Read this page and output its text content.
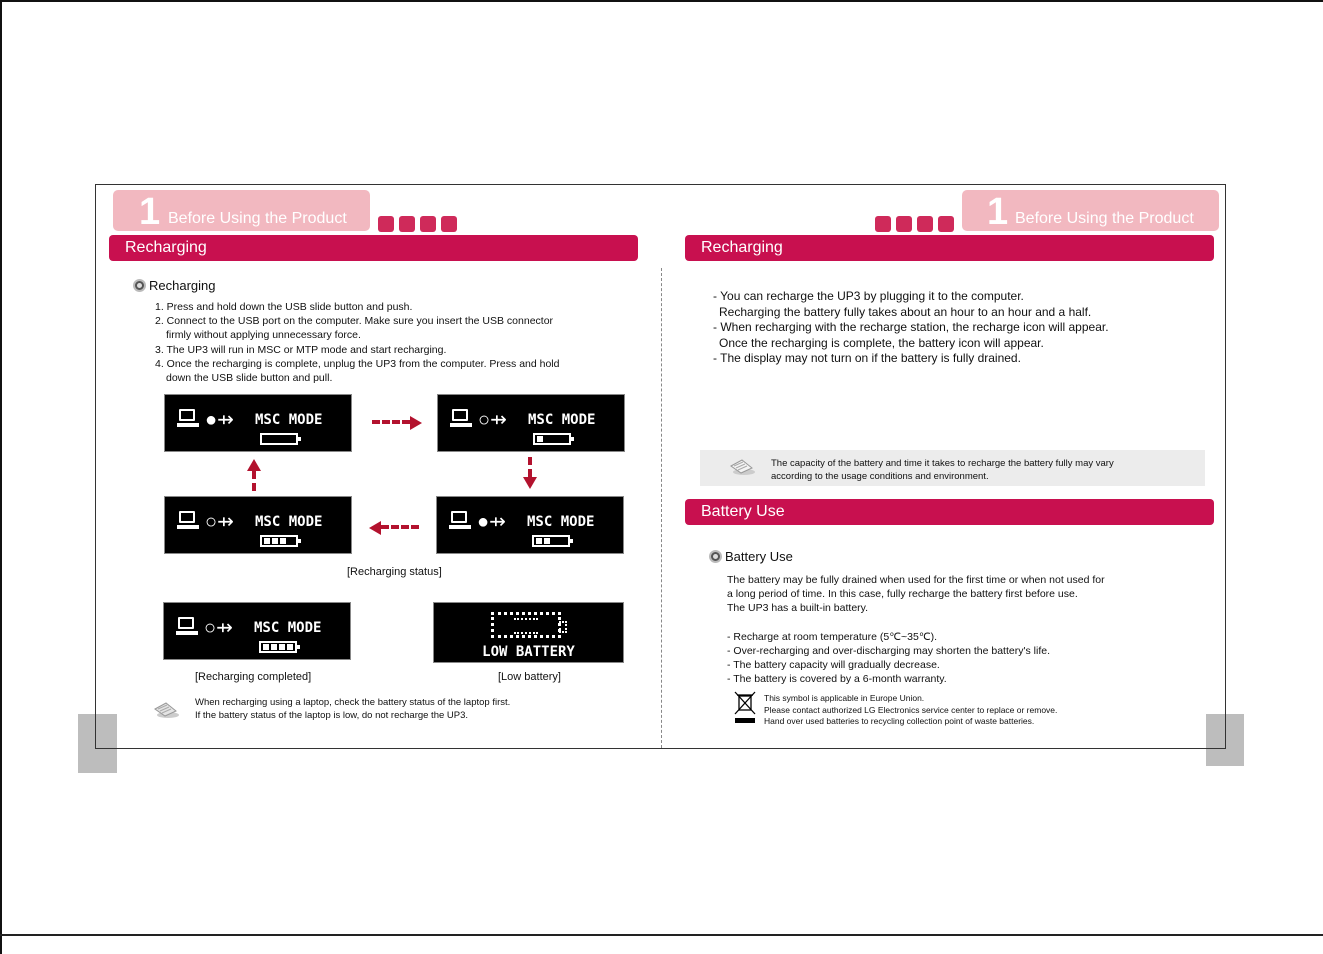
1 Before Using the Product
Recharging
Recharging
1. Press and hold down the USB slide button and push.
2. Connect to the USB port on the computer. Make sure you insert the USB connector
firmly without applying unnecessary force.
3. The UP3 will run in MSC or MTP mode and start recharging.
4. Once the recharging is complete, unplug the UP3 from the computer. Press and hold
down the USB slide button and pull.
●⇸ MSC MODE	○⇸ MSC MODE
●⇸ MSC MODE
○⇸ MSC MODE
[Recharging status]
○⇸ MSC MODE
LOW BATTERY
[Recharging completed]	[Low battery]
When recharging using a laptop, check the battery status of the laptop first.
If the battery status of the laptop is low, do not recharge the UP3.
1 Before Using the Product
Recharging
- You can recharge the UP3 by plugging it to the computer.
Recharging the battery fully takes about an hour to an hour and a half.
- When recharging with the recharge station, the recharge icon will appear.
Once the recharging is complete, the battery icon will appear.
- The display may not turn on if the battery is fully drained.
The capacity of the battery and time it takes to recharge the battery fully may vary
according to the usage conditions and environment.
Battery Use
Battery Use
The battery may be fully drained when used for the first time or when not used for
a long period of time. In this case, fully recharge the battery first before use.
The UP3 has a built-in battery.
- Recharge at room temperature (5℃~35℃).
- Over-recharging and over-discharging may shorten the battery's life.
- The battery capacity will gradually decrease.
- The battery is covered by a 6-month warranty.
This symbol is applicable in Europe Union.
Please contact authorized LG Electronics service center to replace or remove.
Hand over used batteries to recycling collection point of waste batteries.
